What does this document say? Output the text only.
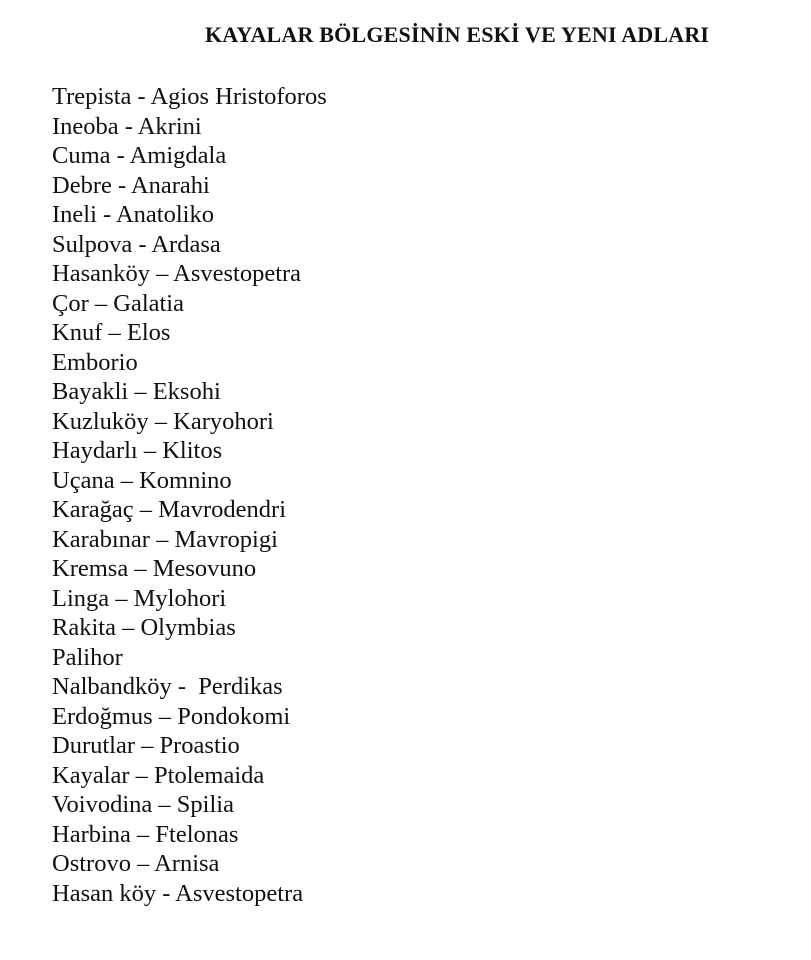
KAYALAR BÖLGESİNİN ESKİ VE YENI ADLARI
Trepista - Agios Hristoforos
Ineoba - Akrini
Cuma - Amigdala
Debre - Anarahi
Ineli - Anatoliko
Sulpova - Ardasa
Hasanköy – Asvestopetra
Çor – Galatia
Knuf – Elos
Emborio
Bayakli – Eksohi
Kuzluköy – Karyohori
Haydarlı – Klitos
Uçana – Komnino
Karağaç – Mavrodendri
Karabınar – Mavropigi
Kremsa – Mesovuno
Linga – Mylohori
Rakita – Olymbias
Palihor
Nalbandköy -  Perdikas
Erdoğmus – Pondokomi
Durutlar – Proastio
Kayalar – Ptolemaida
Voivodina – Spilia
Harbina – Ftelonas
Ostrovo – Arnisa
Hasan köy - Asvestopetra
